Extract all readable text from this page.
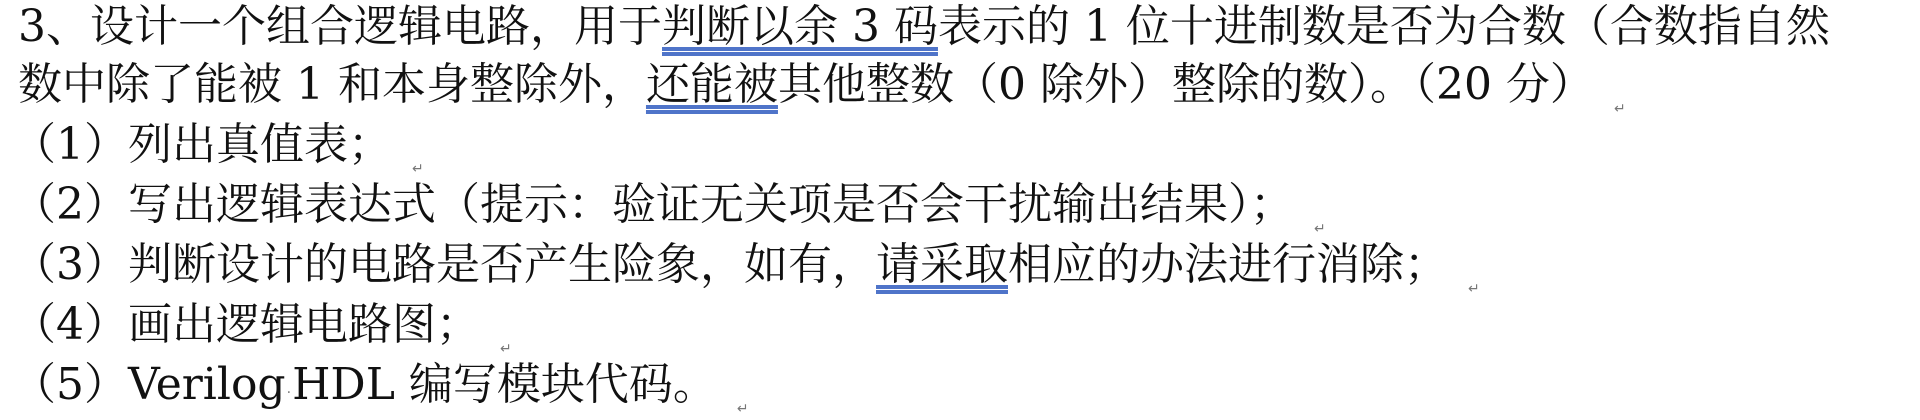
3、设计一个组合逻辑电路，用于判断以余 3 码表示的 1 位十进制数是否为合数（合数指自然
数中除了能被 1 和本身整除外，还能被其他整数（0 除外）整除的数）。（20 分） ↵
（1）列出真值表； ↵
（2）写出逻辑表达式（提示：验证无关项是否会干扰输出结果）； ↵
（3）判断设计的电路是否产生险象，如有，请采取相应的办法进行消除； ↵
（4）画出逻辑电路图； ↵
（5）Verilog·HDL 编写模块代码。 ↵
